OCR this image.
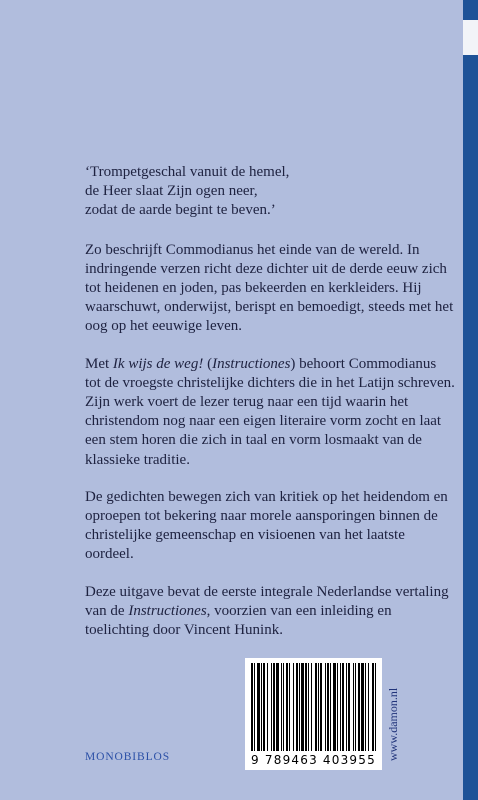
‘Trompetgeschal vanuit de hemel,

de Heer slaat Zijn ogen neer,

zodat de aarde begint te beven.’

Zo beschrijft Commodianus het einde van de wereld. In indringende verzen richt deze dichter uit de derde eeuw zich tot heidenen en joden, pas bekeerden en kerkleiders. Hij waarschuwt, onderwijst, berispt en bemoedigt, steeds met het oog op het eeuwige leven.

Met Ik wijs de weg! (Instructiones) behoort Commodianus tot de vroegste christelijke dichters die in het Latijn schreven. Zijn werk voert de lezer terug naar een tijd waarin het christendom nog naar een eigen literaire vorm zocht en laat een stem horen die zich in taal en vorm losmaakt van de klassieke traditie.

De gedichten bewegen zich van kritiek op het heidendom en oproepen tot bekering naar morele aansporingen binnen de christelijke gemeenschap en visioenen van het laatste oordeel.

Deze uitgave bevat de eerste integrale Nederlandse vertaling van de Instructiones, voorzien van een inleiding en toelichting door Vincent Hunink.

9 789463 403955 www.damon.nl
MONOBIBLOS
